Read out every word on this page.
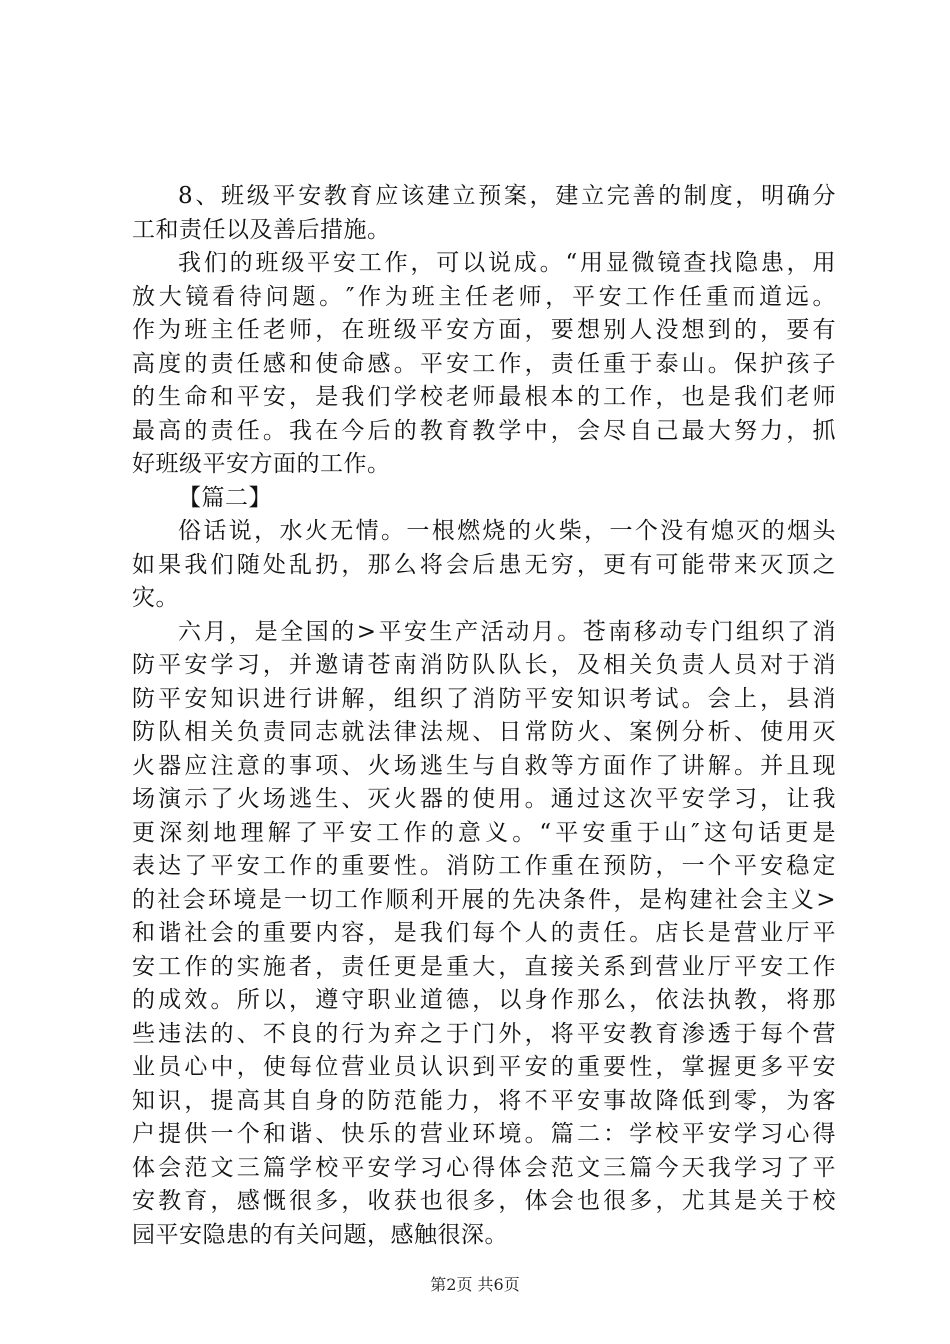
8、班级平安教育应该建立预案，建立完善的制度，明确分
工和责任以及善后措施。
我们的班级平安工作，可以说成。“用显微镜查找隐患，用
放大镜看待问题。″作为班主任老师，平安工作任重而道远。
作为班主任老师，在班级平安方面，要想别人没想到的，要有
高度的责任感和使命感。平安工作，责任重于泰山。保护孩子
的生命和平安，是我们学校老师最根本的工作，也是我们老师
最高的责任。我在今后的教育教学中，会尽自己最大努力，抓
好班级平安方面的工作。
【篇二】
俗话说，水火无情。一根燃烧的火柴，一个没有熄灭的烟头
如果我们随处乱扔，那么将会后患无穷，更有可能带来灭顶之
灾。
六月，是全国的>平安生产活动月。苍南移动专门组织了消
防平安学习，并邀请苍南消防队队长，及相关负责人员对于消
防平安知识进行讲解，组织了消防平安知识考试。会上，县消
防队相关负责同志就法律法规、日常防火、案例分析、使用灭
火器应注意的事项、火场逃生与自救等方面作了讲解。并且现
场演示了火场逃生、灭火器的使用。通过这次平安学习，让我
更深刻地理解了平安工作的意义。“平安重于山″这句话更是
表达了平安工作的重要性。消防工作重在预防，一个平安稳定
的社会环境是一切工作顺利开展的先决条件，是构建社会主义>
和谐社会的重要内容，是我们每个人的责任。店长是营业厅平
安工作的实施者，责任更是重大，直接关系到营业厅平安工作
的成效。所以，遵守职业道德，以身作那么，依法执教，将那
些违法的、不良的行为弃之于门外，将平安教育渗透于每个营
业员心中，使每位营业员认识到平安的重要性，掌握更多平安
知识，提高其自身的防范能力，将不平安事故降低到零，为客
户提供一个和谐、快乐的营业环境。篇二：学校平安学习心得
体会范文三篇学校平安学习心得体会范文三篇今天我学习了平
安教育，感慨很多，收获也很多，体会也很多，尤其是关于校
园平安隐患的有关问题，感触很深。
第2页 共6页
